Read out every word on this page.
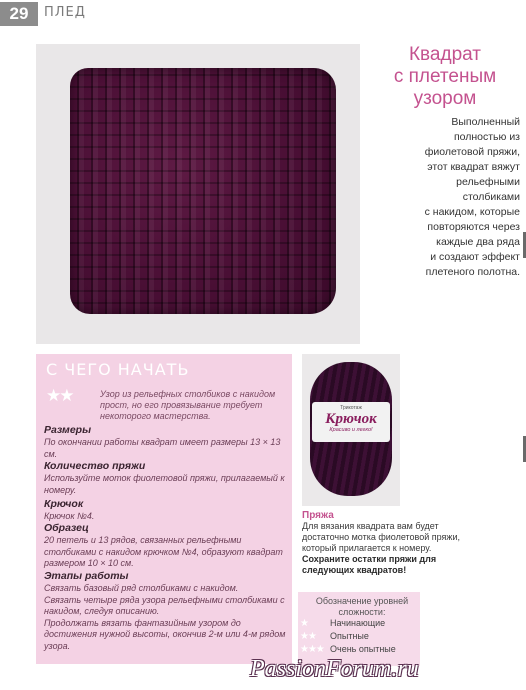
29	ПЛЕД
Квадрат
с плетеным
узором
Выполненный
полностью из
фиолетовой пряжи,
этот квадрат вяжут
рельефными
столбиками
с накидом, которые
повторяются через
каждые два ряда
и создают эффект
плетеного полотна.
С ЧЕГО НАЧАТЬ
★★	Узор из рельефных столбиков с накидом прост, но его провязывание требует некоторого мастерства.
Размеры
По окончании работы квадрат имеет размеры 13 × 13 см.
Количество пряжи
Используйте моток фиолетовой пряжи, прилагаемый к номеру.
Крючок
Крючок №4.
Образец
20 петель и 13 рядов, связанных рельефными столбиками с накидом крючком №4, образуют квадрат размером 10 × 10 см.
Этапы работы
Связать базовый ряд столбиками с накидом.
Связать четыре ряда узора рельефными столбиками с накидом, следуя описанию.
Продолжать вязать фантазийным узором до достижения нужной высоты, окончив 2-м или 4-м рядом узора.
Трикотаж
Крючок
Красиво и легко!
Пряжа
Для вязания квадрата вам будет достаточно мотка фиолетовой пряжи, который прилагается к номеру.
Сохраните остатки пряжи для следующих квадратов!
Обозначение уровней сложности:
★ Начинающие
★★ Опытные
★★★ Очень опытные
PassionForum.ru
